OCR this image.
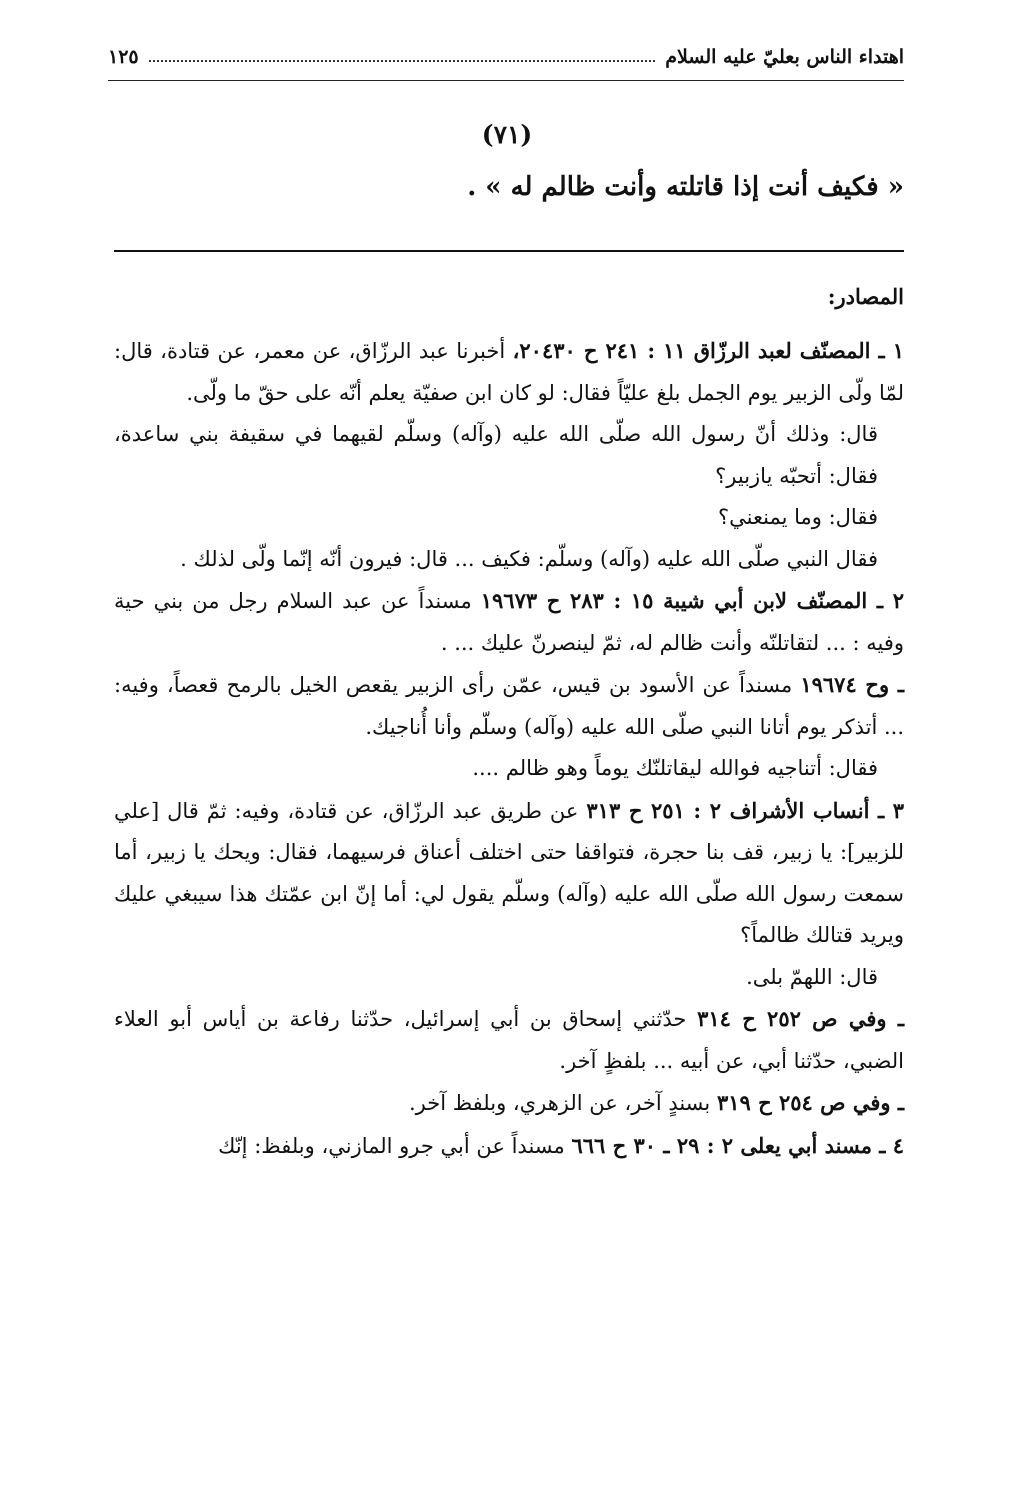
اهتداء الناس بعليّ عليه السلام
١٢٥
(٧١)
« فكيف أنت إذا قاتلته وأنت ظالم له » .
المصادر:

١ ـ المصنّف لعبد الرزّاق ١١ : ٢٤١ ح ٢٠٤٣٠، أخبرنا عبد الرزّاق، عن معمر، عن قتادة، قال: لمّا ولّى الزبير يوم الجمل بلغ عليّاً فقال: لو كان ابن صفيّة يعلم أنّه على حقّ ما ولّى.

قال: وذلك أنّ رسول الله صلّى الله عليه (وآله) وسلّم لقيهما في سقيفة بني ساعدة، فقال: أتحبّه يازبير؟

فقال: وما يمنعني؟

فقال النبي صلّى الله عليه (وآله) وسلّم: فكيف ... قال: فيرون أنّه إنّما ولّى لذلك .

٢ ـ المصنّف لابن أبي شيبة ١٥ : ٢٨٣ ح ١٩٦٧٣ مسنداً عن عبد السلام رجل من بني حية وفيه : ... لتقاتلنّه وأنت ظالم له، ثمّ لينصرنّ عليك ... .

ـ وح ١٩٦٧٤ مسنداً عن الأسود بن قيس، عمّن رأى الزبير يقعص الخيل بالرمح قعصاً، وفيه: ... أتذكر يوم أتانا النبي صلّى الله عليه (وآله) وسلّم وأنا أُناجيك.

فقال: أتناجيه فوالله ليقاتلنّك يوماً وهو ظالم ....

٣ ـ أنساب الأشراف ٢ : ٢٥١ ح ٣١٣ عن طريق عبد الرزّاق، عن قتادة، وفيه: ثمّ قال [علي للزبير]: يا زبير، قف بنا حجرة، فتواقفا حتى اختلف أعناق فرسيهما، فقال: ويحك يا زبير، أما سمعت رسول الله صلّى الله عليه (وآله) وسلّم يقول لي: أما إنّ ابن عمّتك هذا سيبغي عليك ويريد قتالك ظالماً؟

قال: اللهمّ بلى.

ـ وفي ص ٢٥٢ ح ٣١٤ حدّثني إسحاق بن أبي إسرائيل، حدّثنا رفاعة بن أياس أبو العلاء الضبي، حدّثنا أبي، عن أبيه ... بلفظٍ آخر.

ـ وفي ص ٢٥٤ ح ٣١٩ بسندٍ آخر، عن الزهري، وبلفظ آخر.

٤ ـ مسند أبي يعلى ٢ : ٢٩ ـ ٣٠ ح ٦٦٦ مسنداً عن أبي جرو المازني، وبلفظ: إنّك
